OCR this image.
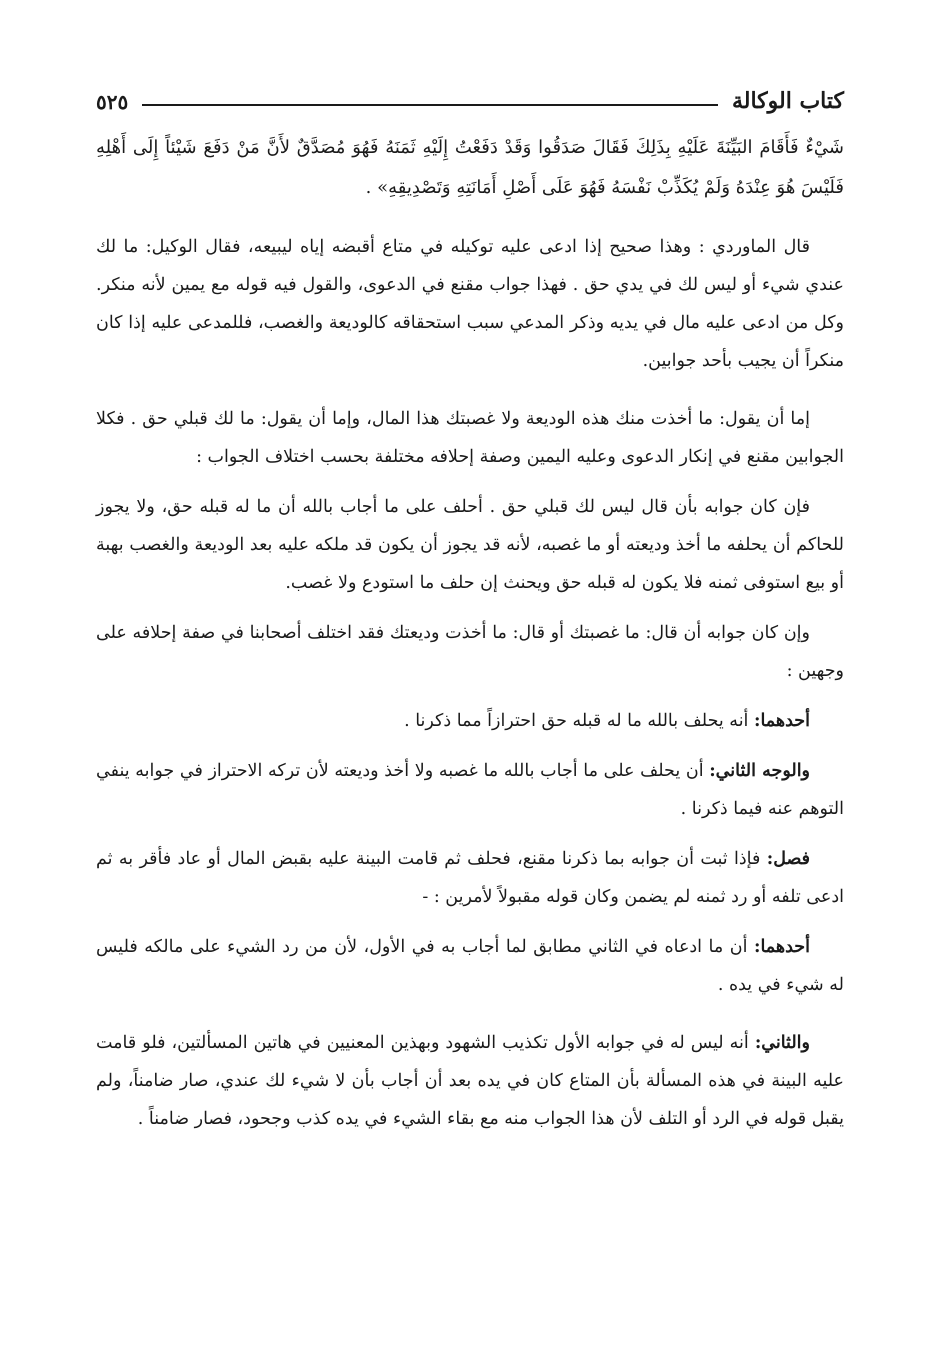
كتاب الوكالة
٥٢٥

شَيْءٌ فَأَقَامَ البَيِّنَةَ عَلَيْهِ بِذَلِكَ فَقَالَ صَدَقُوا وَقَدْ دَفَعْتُ إِلَيْهِ ثَمَنَهُ فَهُوَ مُصَدَّقٌ لأَنَّ مَنْ دَفَعَ شَيْئاً إِلَى أَهْلِهِ فَلَيْسَ هُوَ عِنْدَهُ وَلَمْ يُكَذِّبْ نَفْسَهُ فَهُوَ عَلَى أَصْلِ أَمَانَتِهِ وَتَصْدِيقِهِ» .

قال الماوردي : وهذا صحيح إذا ادعى عليه توكيله في متاع أقبضه إياه ليبيعه، فقال الوكيل: ما لك عندي شيء أو ليس لك في يدي حق . فهذا جواب مقنع في الدعوى، والقول فيه قوله مع يمين لأنه منكر. وكل من ادعى عليه مال في يديه وذكر المدعي سبب استحقاقه كالوديعة والغصب، فللمدعى عليه إذا كان منكراً أن يجيب بأحد جوابين.

إما أن يقول: ما أخذت منك هذه الوديعة ولا غصبتك هذا المال، وإما أن يقول: ما لك قبلي حق . فكلا الجوابين مقنع في إنكار الدعوى وعليه اليمين وصفة إحلافه مختلفة بحسب اختلاف الجواب :

فإن كان جوابه بأن قال ليس لك قبلي حق . أحلف على ما أجاب بالله أن ما له قبله حق، ولا يجوز للحاكم أن يحلفه ما أخذ وديعته أو ما غصبه، لأنه قد يجوز أن يكون قد ملكه عليه بعد الوديعة والغصب بهبة أو بيع استوفى ثمنه فلا يكون له قبله حق ويحنث إن حلف ما استودع ولا غصب.

وإن كان جوابه أن قال: ما غصبتك أو قال: ما أخذت وديعتك فقد اختلف أصحابنا في صفة إحلافه على وجهين :

أحدهما: أنه يحلف بالله ما له قبله حق احترازاً مما ذكرنا .

والوجه الثاني: أن يحلف على ما أجاب بالله ما غصبه ولا أخذ وديعته لأن تركه الاحتراز في جوابه ينفي التوهم عنه فيما ذكرنا .

فصل: فإذا ثبت أن جوابه بما ذكرنا مقنع، فحلف ثم قامت البينة عليه بقبض المال أو عاد فأقر به ثم ادعى تلفه أو رد ثمنه لم يضمن وكان قوله مقبولاً لأمرين : -

أحدهما: أن ما ادعاه في الثاني مطابق لما أجاب به في الأول، لأن من رد الشيء على مالكه فليس له شيء في يده .

والثاني: أنه ليس له في جوابه الأول تكذيب الشهود وبهذين المعنيين في هاتين المسألتين، فلو قامت عليه البينة في هذه المسألة بأن المتاع كان في يده بعد أن أجاب بأن لا شيء لك عندي، صار ضامناً، ولم يقبل قوله في الرد أو التلف لأن هذا الجواب منه مع بقاء الشيء في يده كذب وجحود، فصار ضامناً .
